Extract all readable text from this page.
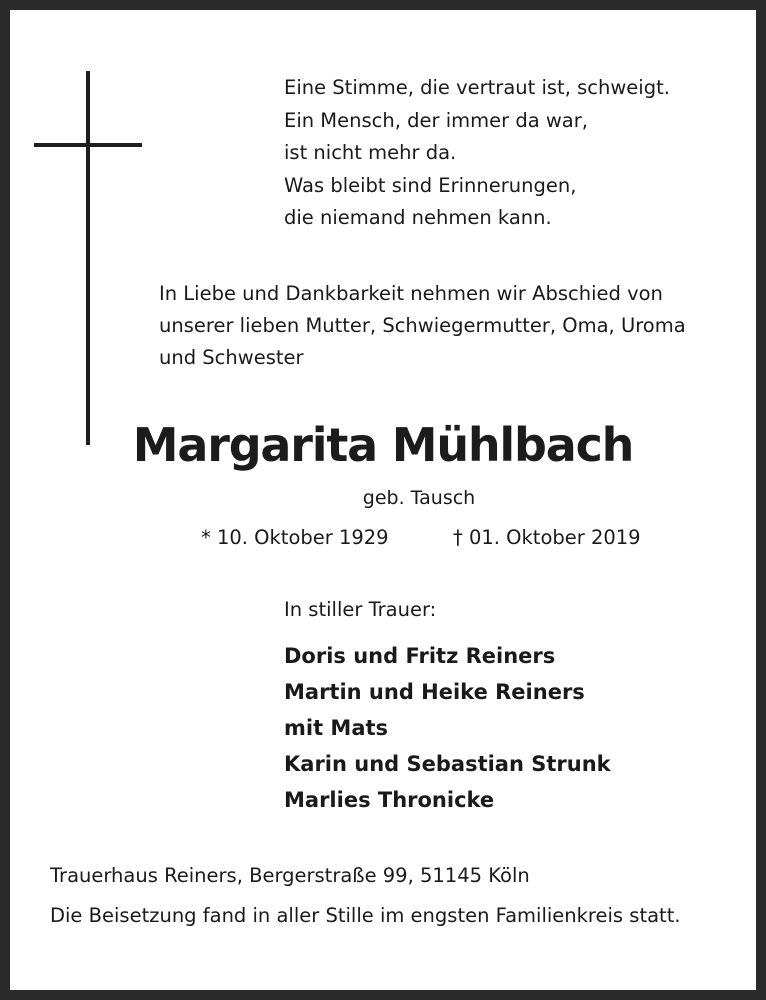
Eine Stimme, die vertraut ist, schweigt.
Ein Mensch, der immer da war,
ist nicht mehr da.
Was bleibt sind Erinnerungen,
die niemand nehmen kann.
In Liebe und Dankbarkeit nehmen wir Abschied von
unserer lieben Mutter, Schwiegermutter, Oma, Uroma
und Schwester
Margarita Mühlbach
geb. Tausch
* 10. Oktober 1929	† 01. Oktober 2019
In stiller Trauer:
Doris und Fritz Reiners
Martin und Heike Reiners
mit Mats
Karin und Sebastian Strunk
Marlies Thronicke
Trauerhaus Reiners, Bergerstraße 99, 51145 Köln
Die Beisetzung fand in aller Stille im engsten Familienkreis statt.
